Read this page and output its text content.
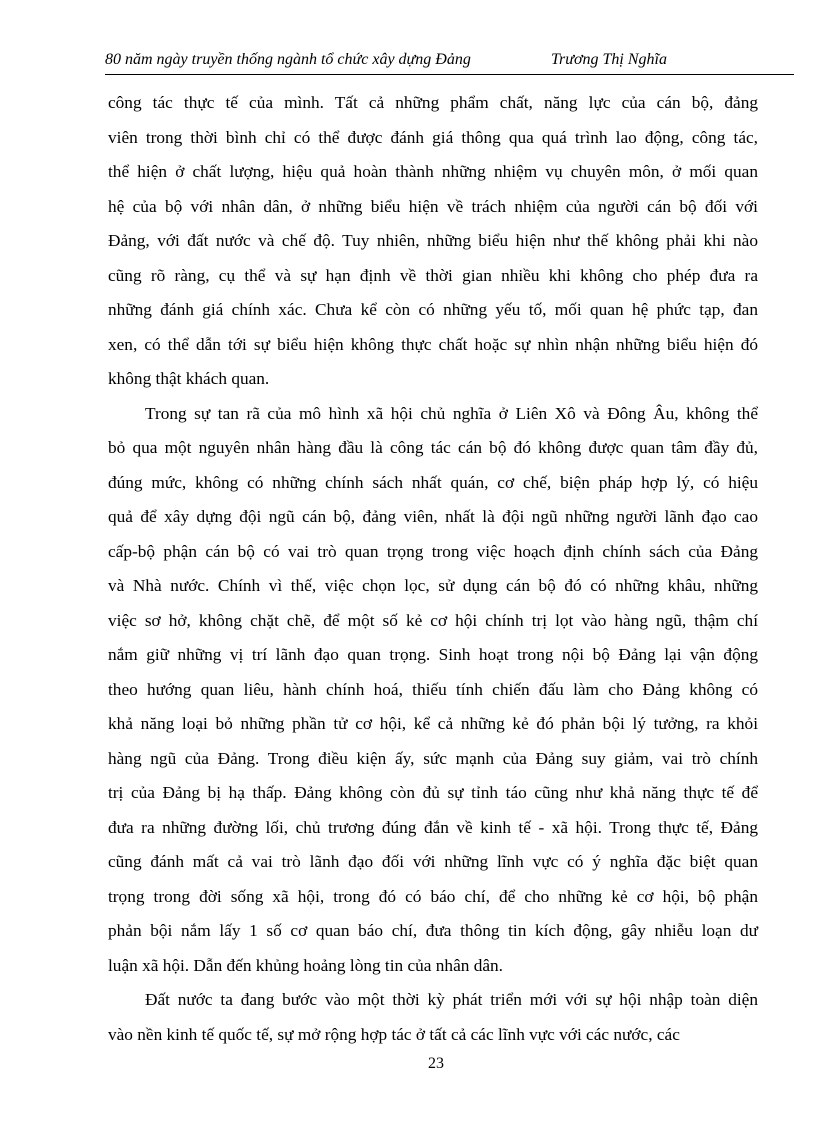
80 năm ngày truyền thống ngành tổ chức xây dựng Đảng	Trương Thị Nghĩa
công tác thực tế của mình. Tất cả những phẩm chất, năng lực của cán bộ, đảng
viên trong thời bình chỉ có thể được đánh giá thông qua quá trình lao động, công tác,
thể hiện ở chất lượng, hiệu quả hoàn thành những nhiệm vụ chuyên môn, ở mối quan
hệ của bộ với nhân dân, ở những biểu hiện về trách nhiệm của người cán bộ đối với
Đảng, với đất nước và chế độ. Tuy nhiên, những biểu hiện như thế không phải khi nào
cũng rõ ràng, cụ thể và sự hạn định về thời gian nhiều khi không cho phép đưa ra
những đánh giá chính xác. Chưa kể còn có những yếu tố, mối quan hệ phức tạp, đan
xen, có thể dẫn tới sự biểu hiện không thực chất hoặc sự nhìn nhận những biểu hiện đó
không thật khách quan.
Trong sự tan rã của mô hình xã hội chủ nghĩa ở Liên Xô và Đông Âu, không thể
bỏ qua một nguyên nhân hàng đầu là công tác cán bộ đó không được quan tâm đầy đủ,
đúng mức, không có những chính sách nhất quán, cơ chế, biện pháp hợp lý, có hiệu
quả để xây dựng đội ngũ cán bộ, đảng viên, nhất là đội ngũ những người lãnh đạo cao
cấp-bộ phận cán bộ có vai trò quan trọng trong việc hoạch định chính sách của Đảng
và Nhà nước. Chính vì thế, việc chọn lọc, sử dụng cán bộ đó có những khâu, những
việc sơ hở, không chặt chẽ, để một số kẻ cơ hội chính trị lọt vào hàng ngũ, thậm chí
nắm giữ những vị trí lãnh đạo quan trọng. Sinh hoạt trong nội bộ Đảng lại vận động
theo hướng quan liêu, hành chính hoá, thiếu tính chiến đấu làm cho Đảng không có
khả năng loại bỏ những phần tử cơ hội, kể cả những kẻ đó phản bội lý tưởng, ra khỏi
hàng ngũ của Đảng. Trong điều kiện ấy, sức mạnh của Đảng suy giảm, vai trò chính
trị của Đảng bị hạ thấp. Đảng không còn đủ sự tỉnh táo cũng như khả năng thực tế để
đưa ra những đường lối, chủ trương đúng đắn về kinh tế - xã hội. Trong thực tế, Đảng
cũng đánh mất cả vai trò lãnh đạo đối với những lĩnh vực có ý nghĩa đặc biệt quan
trọng trong đời sống xã hội, trong đó có báo chí, để cho những kẻ cơ hội, bộ phận
phản bội nắm lấy 1 số cơ quan báo chí, đưa thông tin kích động, gây nhiễu loạn dư
luận xã hội. Dẫn đến khủng hoảng lòng tin của nhân dân.
Đất nước ta đang bước vào một thời kỳ phát triển mới với sự hội nhập toàn diện
vào nền kinh tế quốc tế, sự mở rộng hợp tác ở tất cả các lĩnh vực với các nước, các
23
